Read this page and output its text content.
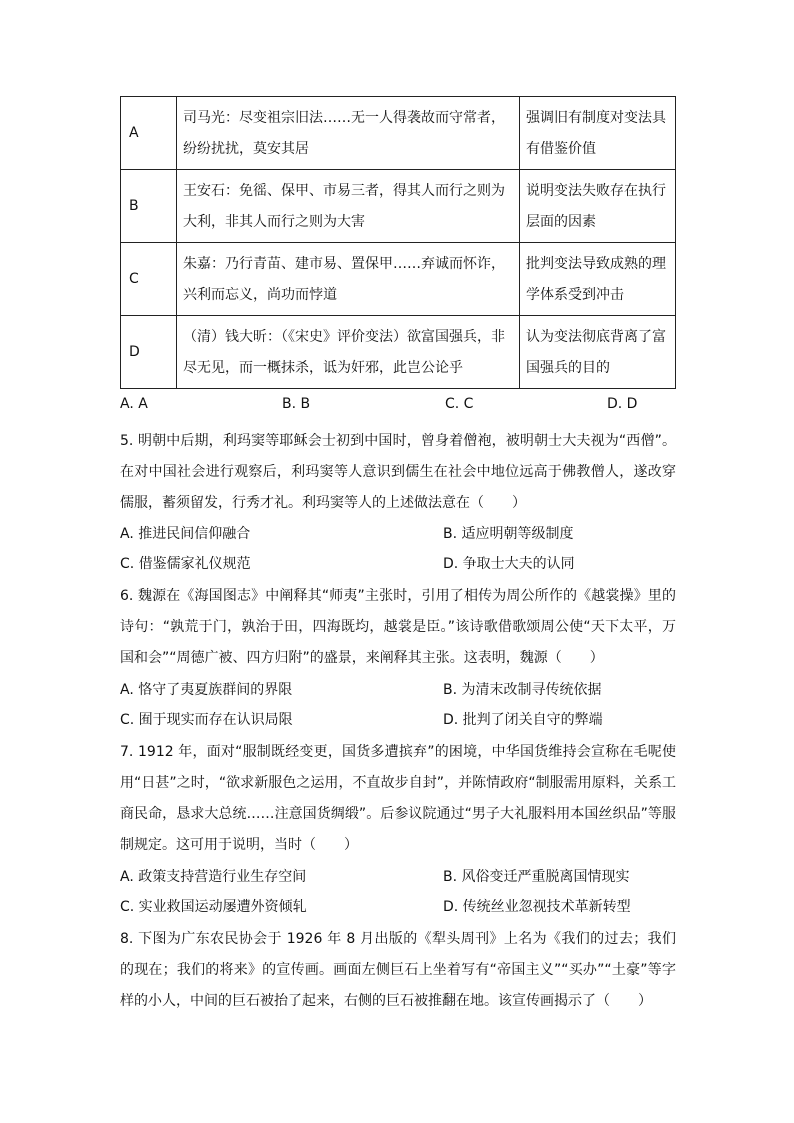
A	司马光：尽变祖宗旧法……无一人得袭故而守常者，纷纷扰扰，莫安其居	强调旧有制度对变法具有借鉴价值
B	王安石：免徭、保甲、市易三者，得其人而行之则为大利，非其人而行之则为大害	说明变法失败存在执行层面的因素
C	朱嘉：乃行青苗、建市易、置保甲……弃诚而怀诈，兴利而忘义，尚功而悖道	批判变法导致成熟的理学体系受到冲击
D	（清）钱大昕：（《宋史》评价变法）欲富国强兵，非尽无见，而一概抹杀，诋为奸邪，此岂公论乎	认为变法彻底背离了富国强兵的目的
A. A	B. B	C. C	D. D
5. 明朝中后期，利玛窦等耶稣会士初到中国时，曾身着僧袍，被明朝士大夫视为“西僧”。在对中国社会进行观察后，利玛窦等人意识到儒生在社会中地位远高于佛教僧人，遂改穿儒服，蓄须留发，行秀才礼。利玛窦等人的上述做法意在（　　）
A. 推进民间信仰融合	B. 适应明朝等级制度
C. 借鉴儒家礼仪规范	D. 争取士大夫的认同
6. 魏源在《海国图志》中阐释其“师夷”主张时，引用了相传为周公所作的《越裳操》里的诗句：“孰荒于门，孰治于田，四海既均，越裳是臣。”该诗歌借歌颂周公使“天下太平，万国和会”“周德广被、四方归附”的盛景，来阐释其主张。这表明，魏源（　　）
A. 恪守了夷夏族群间的界限	B. 为清末改制寻传统依据
C. 囿于现实而存在认识局限	D. 批判了闭关自守的弊端
7. 1912 年，面对“服制既经变更，国货多遭摈弃”的困境，中华国货维持会宣称在毛呢使用“日甚”之时，“欲求新服色之运用，不直故步自封”，并陈情政府“制服需用原料，关系工商民命，恳求大总统……注意国货绸缎”。后参议院通过“男子大礼服料用本国丝织品”等服制规定。这可用于说明，当时（　　）
A. 政策支持营造行业生存空间	B. 风俗变迁严重脱离国情现实
C. 实业救国运动屡遭外资倾轧	D. 传统丝业忽视技术革新转型
8. 下图为广东农民协会于 1926 年 8 月出版的《犁头周刊》上名为《我们的过去；我们的现在；我们的将来》的宣传画。画面左侧巨石上坐着写有“帝国主义”“买办”“土豪”等字样的小人，中间的巨石被抬了起来，右侧的巨石被推翻在地。该宣传画揭示了（　　）
